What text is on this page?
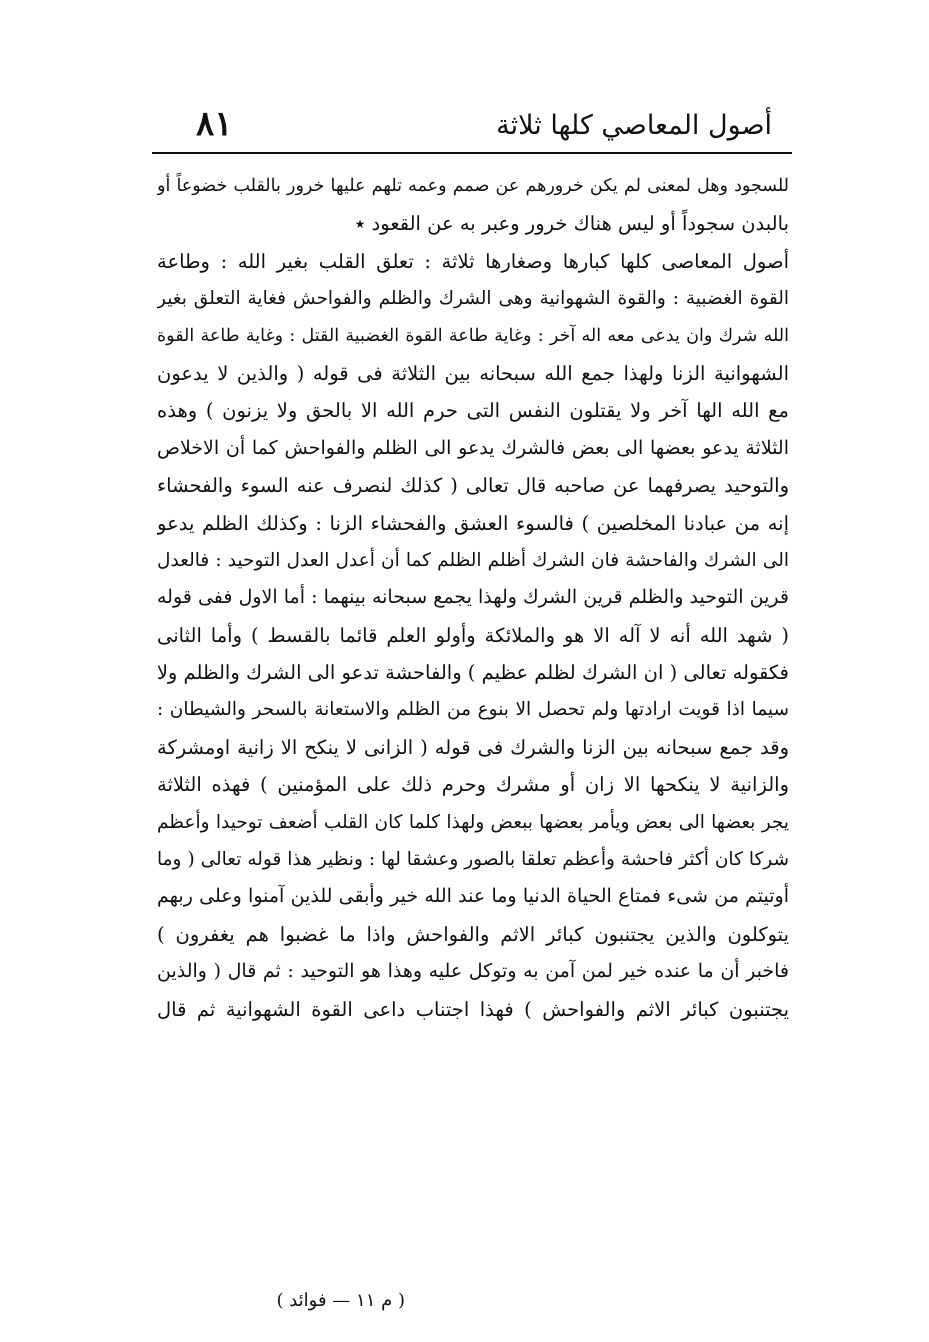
أصول المعاصي كلها ثلاثة
٨١
للسجود وهل لمعنى لم يكن خرورهم عن صمم وعمه تلهم عليها خرور بالقلب خضوعاً أو
بالبدن سجوداً أو ليس هناك خرور وعبر به عن القعود ٭
أصول المعاصى كلها كبارها وصغارها ثلاثة : تعلق القلب بغير الله : وطاعة
القوة الغضبية : والقوة الشهوانية وهى الشرك والظلم والفواحش فغاية التعلق بغير
الله شرك وان يدعى معه اله آخر : وغاية طاعة القوة الغضبية القتل : وغاية طاعة القوة
الشهوانية الزنا ولهذا جمع الله سبحانه بين الثلاثة فى قوله ( والذين لا يدعون
مع الله الها آخر ولا يقتلون النفس التى حرم الله الا بالحق ولا يزنون ) وهذه
الثلاثة يدعو بعضها الى بعض فالشرك يدعو الى الظلم والفواحش كما أن الاخلاص
والتوحيد يصرفهما عن صاحبه قال تعالى ( كذلك لنصرف عنه السوء والفحشاء
إنه من عبادنا المخلصين ) فالسوء العشق والفحشاء الزنا : وكذلك الظلم يدعو
الى الشرك والفاحشة فان الشرك أظلم الظلم كما أن أعدل العدل التوحيد : فالعدل
قرين التوحيد والظلم قرين الشرك ولهذا يجمع سبحانه بينهما : أما الاول ففى قوله
( شهد الله أنه لا آله الا هو والملائكة وأولو العلم قائما بالقسط ) وأما الثانى
فكقوله تعالى ( ان الشرك لظلم عظيم ) والفاحشة تدعو الى الشرك والظلم ولا
سيما اذا قويت ارادتها ولم تحصل الا بنوع من الظلم والاستعانة بالسحر والشيطان :
وقد جمع سبحانه بين الزنا والشرك فى قوله ( الزانى لا ينكح الا زانية اومشركة
والزانية لا ينكحها الا زان أو مشرك وحرم ذلك على المؤمنين ) فهذه الثلاثة
يجر بعضها الى بعض ويأمر بعضها ببعض ولهذا كلما كان القلب أضعف توحيدا وأعظم
شركا كان أكثر فاحشة وأعظم تعلقا بالصور وعشقا لها : ونظير هذا قوله تعالى ( وما
أوتيتم من شىء فمتاع الحياة الدنيا وما عند الله خير وأبقى للذين آمنوا وعلى ربهم
يتوكلون والذين يجتنبون كبائر الاثم والفواحش واذا ما غضبوا هم يغفرون )
فاخبر أن ما عنده خير لمن آمن به وتوكل عليه وهذا هو التوحيد : ثم قال ( والذين
يجتنبون كبائر الاثم والفواحش ) فهذا اجتناب داعى القوة الشهوانية ثم قال
( م ١١ — فوائد )
